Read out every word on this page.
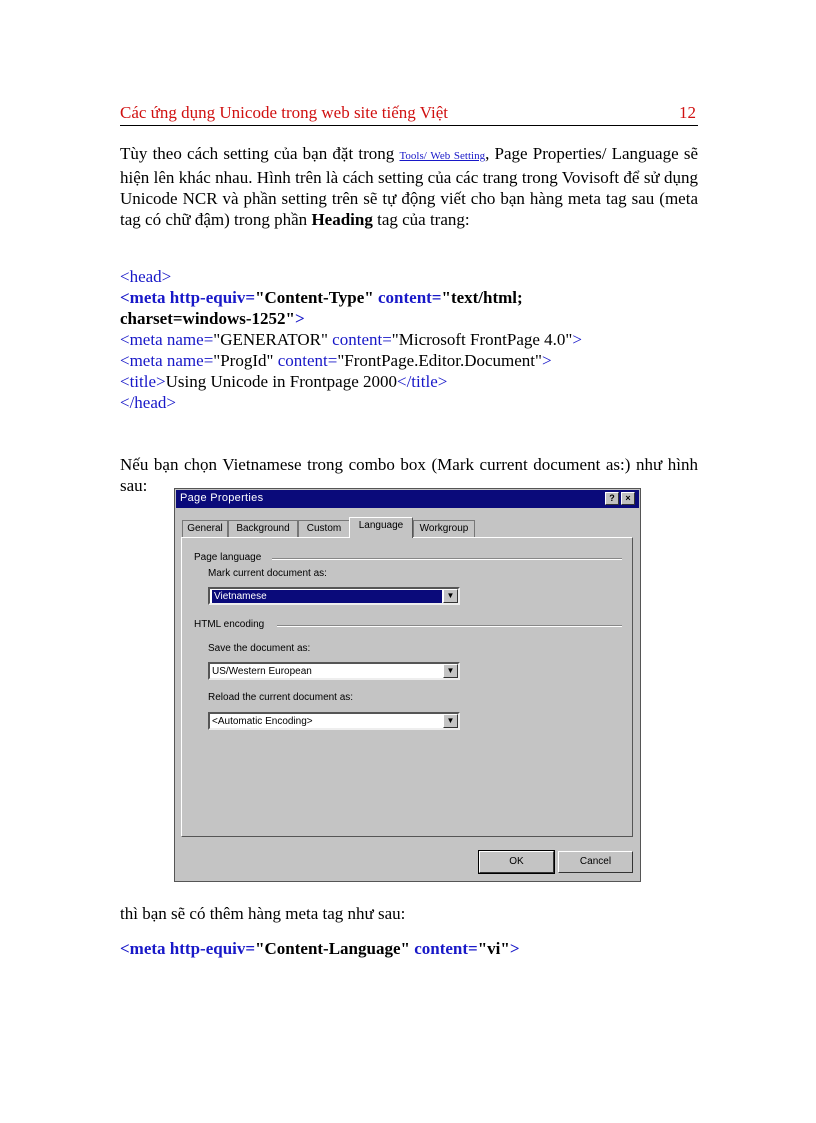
Các ứng dụng Unicode trong web site tiếng Việt	12
Tùy theo cách setting của bạn đặt trong Tools/ Web Setting, Page Properties/ Language sẽ hiện lên khác nhau. Hình trên là cách setting của các trang trong Vovisoft để sử dụng Unicode NCR và phần setting trên sẽ tự động viết cho bạn hàng meta tag sau (meta tag có chữ đậm) trong phần Heading tag của trang:
<head>
<meta http-equiv="Content-Type" content="text/html;
charset=windows-1252">
<meta name="GENERATOR" content="Microsoft FrontPage 4.0">
<meta name="ProgId" content="FrontPage.Editor.Document">
<title>Using Unicode in Frontpage 2000</title>
</head>
Nếu bạn chọn Vietnamese trong combo box (Mark current document as:) như hình sau:
Page Properties	?	×
General	Background	Custom	Language	Workgroup
Page language
Mark current document as:
Vietnamese	▼
HTML encoding
Save the document as:
US/Western European	▼
Reload the current document as:
<Automatic Encoding>	▼
OK	Cancel
thì bạn sẽ có thêm hàng meta tag như sau:
<meta http-equiv="Content-Language" content="vi">
